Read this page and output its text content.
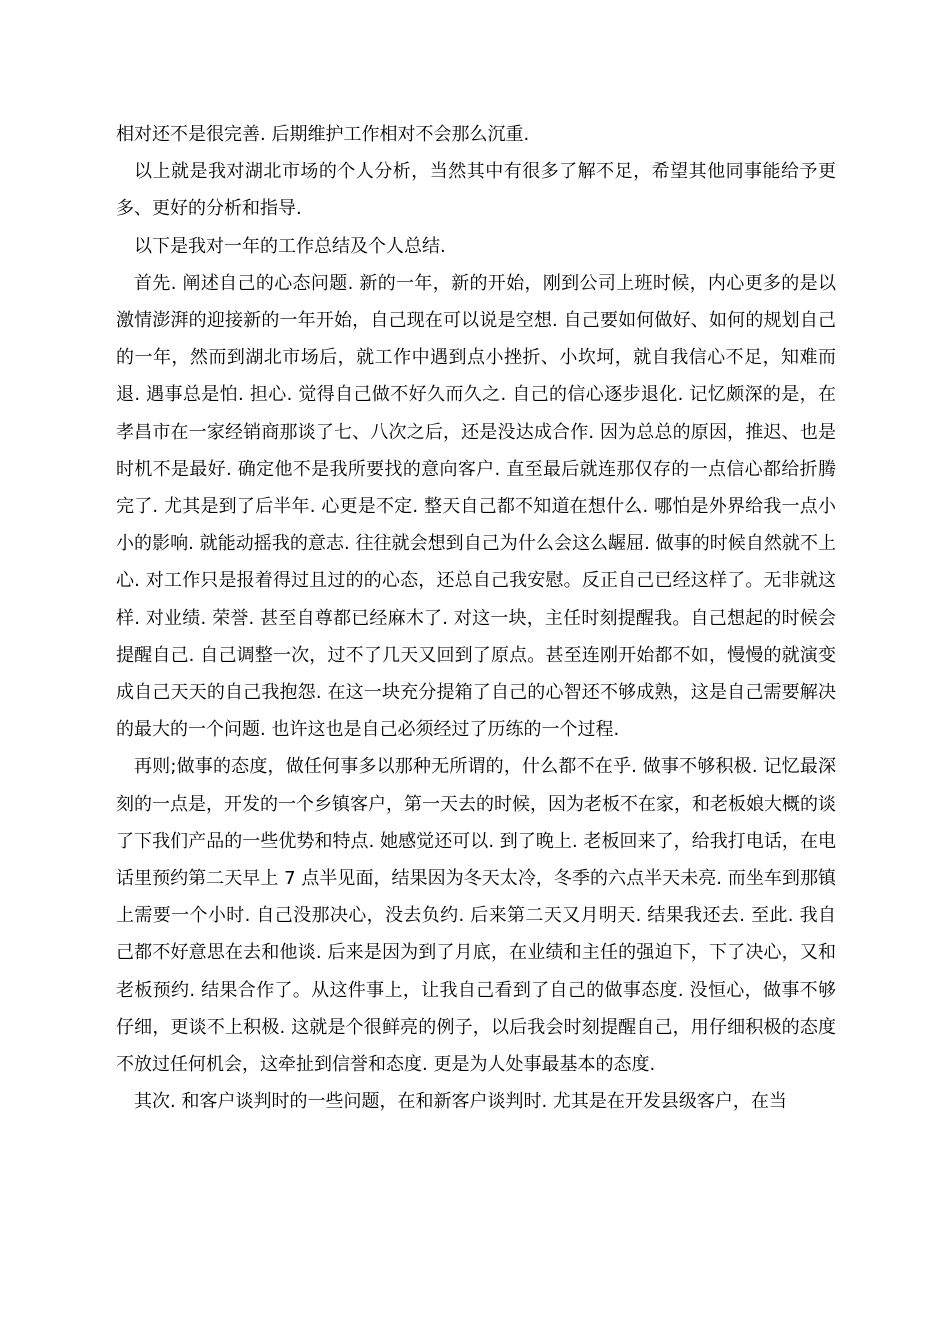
相对还不是很完善. 后期维护工作相对不会那么沉重.

以上就是我对湖北市场的个人分析，当然其中有很多了解不足，希望其他同事能给予更多、更好的分析和指导.

以下是我对一年的工作总结及个人总结.

首先. 阐述自己的心态问题. 新的一年，新的开始，刚到公司上班时候，内心更多的是以激情澎湃的迎接新的一年开始，自己现在可以说是空想. 自己要如何做好、如何的规划自己的一年，然而到湖北市场后，就工作中遇到点小挫折、小坎坷，就自我信心不足，知难而退. 遇事总是怕. 担心. 觉得自己做不好久而久之. 自己的信心逐步退化. 记忆颇深的是，在孝昌市在一家经销商那谈了七、八次之后，还是没达成合作. 因为总总的原因，推迟、也是时机不是最好. 确定他不是我所要找的意向客户. 直至最后就连那仅存的一点信心都给折腾完了. 尤其是到了后半年. 心更是不定. 整天自己都不知道在想什么. 哪怕是外界给我一点小小的影响. 就能动摇我的意志. 往往就会想到自己为什么会这么龌屈. 做事的时候自然就不上心. 对工作只是报着得过且过的的心态，还总自己我安慰。反正自己已经这样了。无非就这样. 对业绩. 荣誉. 甚至自尊都已经麻木了. 对这一块，主任时刻提醒我。自己想起的时候会提醒自己. 自己调整一次，过不了几天又回到了原点。甚至连刚开始都不如，慢慢的就演变成自己天天的自己我抱怨. 在这一块充分提箱了自己的心智还不够成熟，这是自己需要解决的最大的一个问题. 也许这也是自己必须经过了历练的一个过程.

再则;做事的态度，做任何事多以那种无所谓的，什么都不在乎. 做事不够积极. 记忆最深刻的一点是，开发的一个乡镇客户，第一天去的时候，因为老板不在家，和老板娘大概的谈了下我们产品的一些优势和特点. 她感觉还可以. 到了晚上. 老板回来了，给我打电话，在电话里预约第二天早上 7 点半见面，结果因为冬天太冷，冬季的六点半天未亮. 而坐车到那镇上需要一个小时. 自己没那决心，没去负约. 后来第二天又月明天. 结果我还去. 至此. 我自己都不好意思在去和他谈. 后来是因为到了月底，在业绩和主任的强迫下，下了决心，又和老板预约. 结果合作了。从这件事上，让我自己看到了自己的做事态度. 没恒心，做事不够仔细，更谈不上积极. 这就是个很鲜亮的例子，以后我会时刻提醒自己，用仔细积极的态度不放过任何机会，这牵扯到信誉和态度. 更是为人处事最基本的态度.

其次. 和客户谈判时的一些问题，在和新客户谈判时. 尤其是在开发县级客户，在当
